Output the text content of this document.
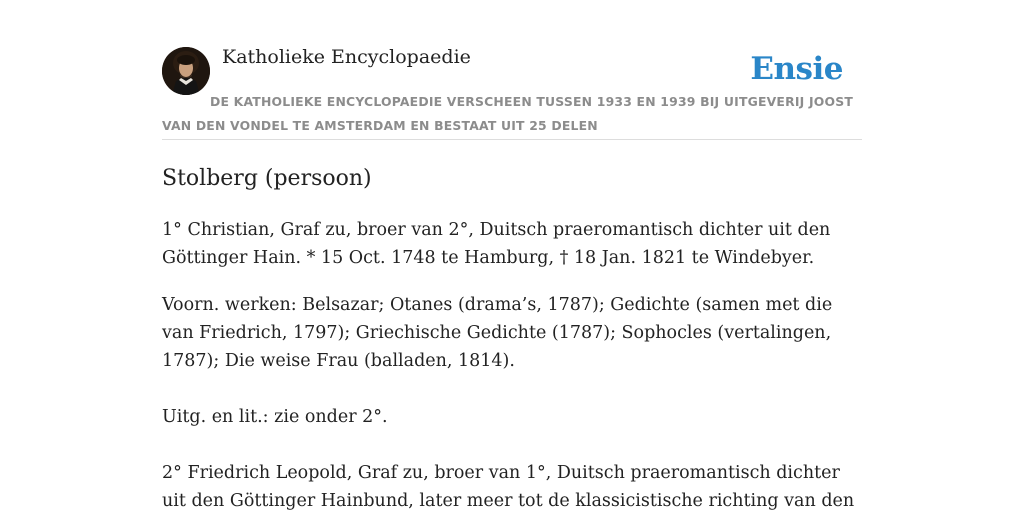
Katholieke Encyclopaedie	Ensie
DE KATHOLIEKE ENCYCLOPAEDIE VERSCHEEN TUSSEN 1933 EN 1939 BIJ UITGEVERIJ JOOST VAN DEN VONDEL TE AMSTERDAM EN BESTAAT UIT 25 DELEN
Stolberg (persoon)

1° Christian, Graf zu, broer van 2°, Duitsch praeromantisch dichter uit den Göttinger Hain. * 15 Oct. 1748 te Hamburg, † 18 Jan. 1821 te Windebyer.

Voorn. werken: Belsazar; Otanes (drama’s, 1787); Gedichte (samen met die van Friedrich, 1797); Griechische Gedichte (1787); Sophocles (vertalingen, 1787); Die weise Frau (balladen, 1814).

Uitg. en lit.: zie onder 2°.

2° Friedrich Leopold, Graf zu, broer van 1°, Duitsch praeromantisch dichter uit den Göttinger Hainbund, later meer tot de klassicistische richting van den
